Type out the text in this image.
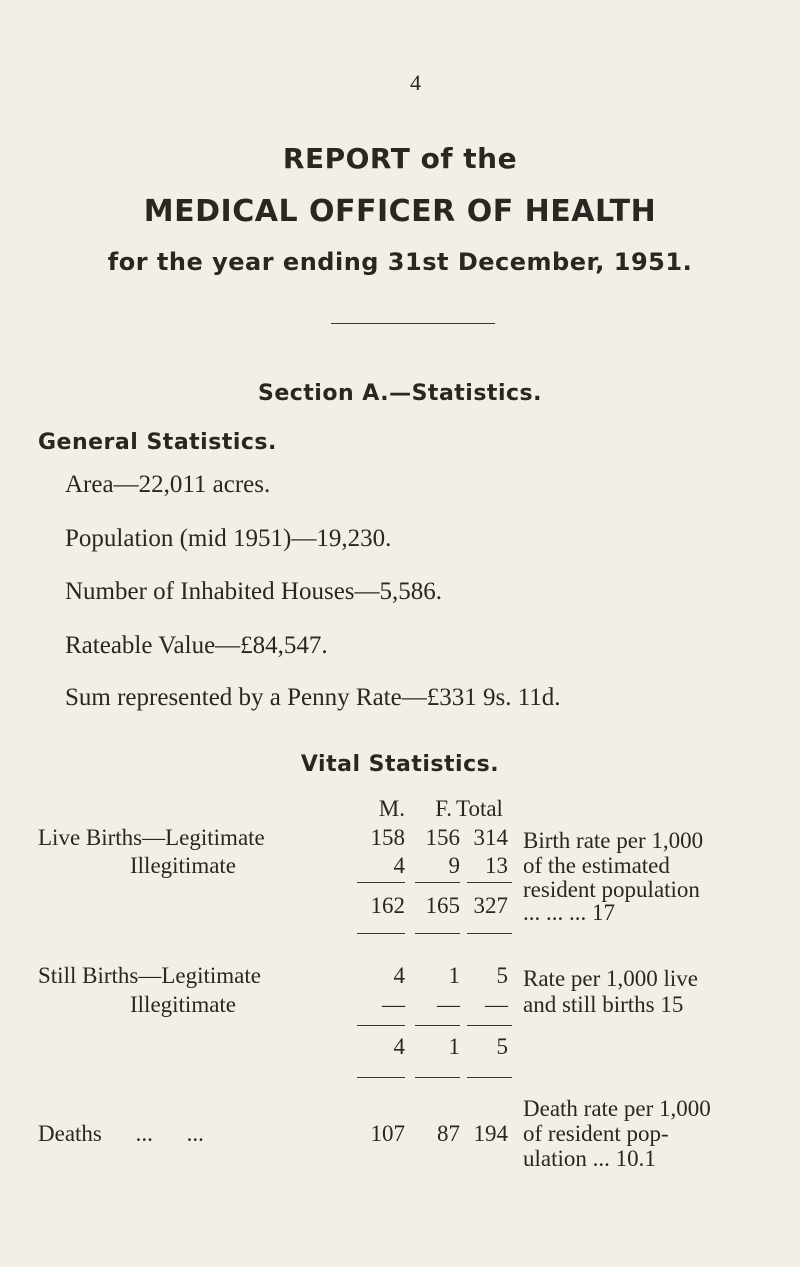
4
REPORT of the
MEDICAL OFFICER OF HEALTH
for the year ending 31st December, 1951.
Section A.—Statistics.
General Statistics.
Area—22,011 acres.
Population (mid 1951)—19,230.
Number of Inhabited Houses—5,586.
Rateable Value—£84,547.
Sum represented by a Penny Rate—£331 9s. 11d.
Vital Statistics.
M.	F. Total
Live Births—Legitimate	158 156 314
Illegitimate	4	9	13
162 165 327
Birth rate per 1,000
of the estimated
resident population
... ... ... 17
Still Births—Legitimate	4	1	5
Illegitimate	—	—	—
4	1	5
Rate per 1,000 live
and still births 15
Deaths ... ...	107	87 194
Death rate per 1,000
of resident pop-
ulation ... 10.1
